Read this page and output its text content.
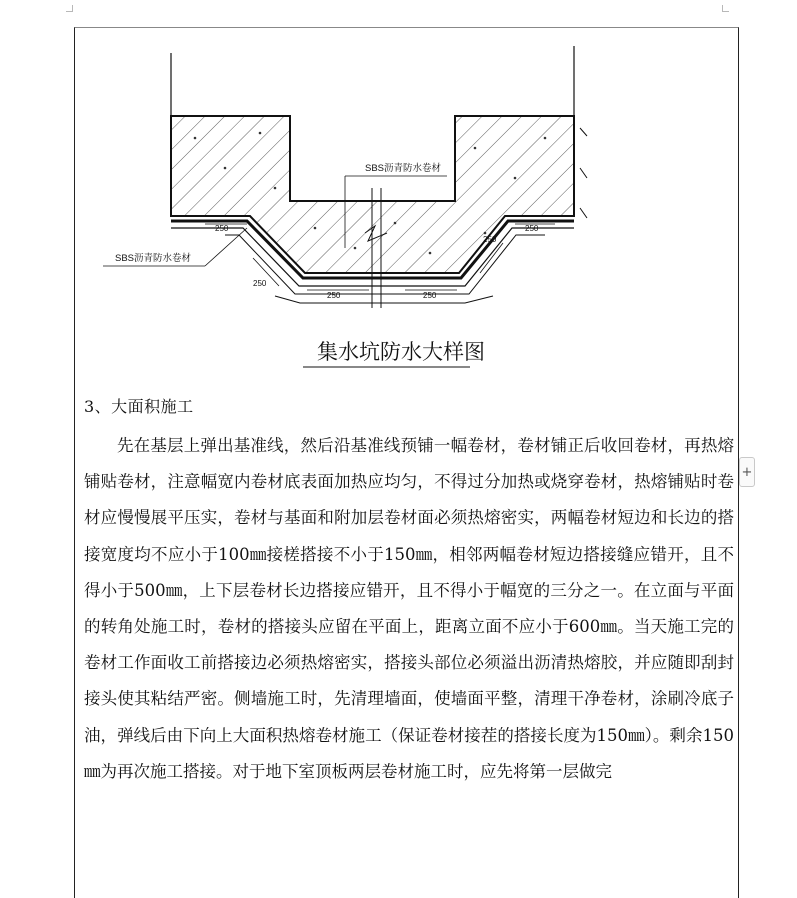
250
250	250
250
250
250
SBS沥青防水卷材
SBS沥青防水卷材
集水坑防水大样图
3、大面积施工

先在基层上弹出基准线，然后沿基准线预铺一幅卷材，卷材铺正后收回卷材，再热熔铺贴卷材，注意幅宽内卷材底表面加热应均匀，不得过分加热或烧穿卷材，热熔铺贴时卷材应慢慢展平压实，卷材与基面和附加层卷材面必须热熔密实，两幅卷材短边和长边的搭接宽度均不应小于100㎜接槎搭接不小于150㎜，相邻两幅卷材短边搭接缝应错开，且不得小于500㎜，上下层卷材长边搭接应错开，且不得小于幅宽的三分之一。在立面与平面的转角处施工时，卷材的搭接头应留在平面上，距离立面不应小于600㎜。当天施工完的卷材工作面收工前搭接边必须热熔密实，搭接头部位必须溢出沥清热熔胶，并应随即刮封接头使其粘结严密。侧墙施工时，先清理墙面，使墙面平整，清理干净卷材，涂刷冷底子油，弹线后由下向上大面积热熔卷材施工（保证卷材接茬的搭接长度为150㎜）。剩余150㎜为再次施工搭接。对于地下室顶板两层卷材施工时，应先将第一层做完

+
